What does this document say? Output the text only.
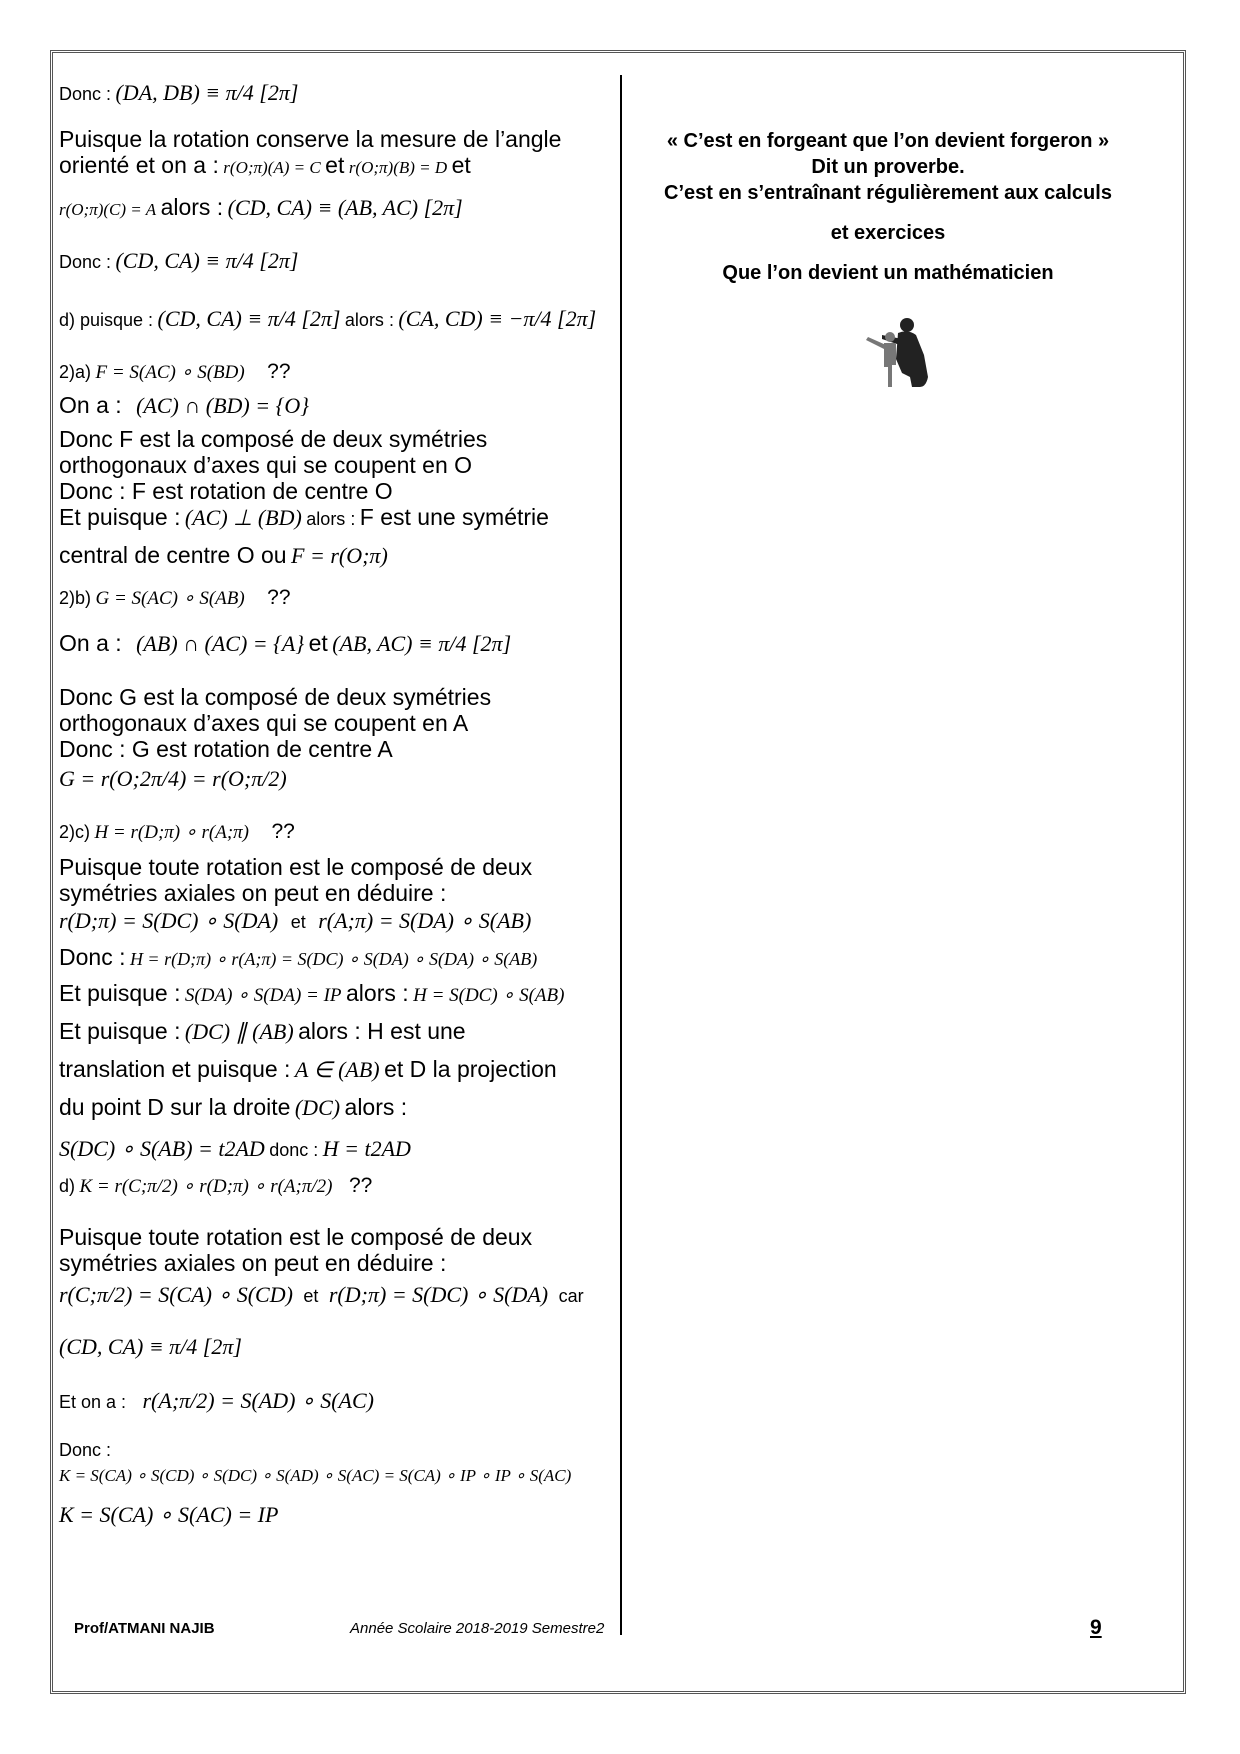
Donc : (DA, DB) ≡ π/4 [2π]
Puisque la rotation conserve la mesure de l’angle
orienté et on a : r(O;π)(A) = C et r(O;π)(B) = D et
r(O;π)(C) = A alors : (CD, CA) ≡ (AB, AC) [2π]
Donc : (CD, CA) ≡ π/4 [2π]
d) puisque : (CD, CA) ≡ π/4 [2π] alors : (CA, CD) ≡ −π/4 [2π]
2)a) F = S(AC) ∘ S(BD) ??
On a : (AC) ∩ (BD) = {O}
Donc F est la composé de deux symétries
orthogonaux d’axes qui se coupent en O
Donc : F est rotation de centre O
Et puisque : (AC) ⊥ (BD) alors : F est une symétrie
central de centre O ou F = r(O;π)
2)b) G = S(AC) ∘ S(AB) ??
On a : (AB) ∩ (AC) = {A} et (AB, AC) ≡ π/4 [2π]
Donc G est la composé de deux symétries
orthogonaux d’axes qui se coupent en A
Donc : G est rotation de centre A
G = r(O;2π/4) = r(O;π/2)
2)c) H = r(D;π) ∘ r(A;π) ??
Puisque toute rotation est le composé de deux
symétries axiales on peut en déduire :
r(D;π) = S(DC) ∘ S(DA) et r(A;π) = S(DA) ∘ S(AB)
Donc : H = r(D;π) ∘ r(A;π) = S(DC) ∘ S(DA) ∘ S(DA) ∘ S(AB)
Et puisque : S(DA) ∘ S(DA) = IP alors : H = S(DC) ∘ S(AB)
Et puisque : (DC) ∥ (AB) alors : H est une
translation et puisque : A ∈ (AB) et D la projection
du point D sur la droite (DC) alors :
S(DC) ∘ S(AB) = t2AD donc : H = t2AD
d) K = r(C;π/2) ∘ r(D;π) ∘ r(A;π/2) ??
Puisque toute rotation est le composé de deux
symétries axiales on peut en déduire :
r(C;π/2) = S(CA) ∘ S(CD) et r(D;π) = S(DC) ∘ S(DA) car
(CD, CA) ≡ π/4 [2π]
Et on a : r(A;π/2) = S(AD) ∘ S(AC)
Donc :
K = S(CA) ∘ S(CD) ∘ S(DC) ∘ S(AD) ∘ S(AC) = S(CA) ∘ IP ∘ IP ∘ S(AC)
K = S(CA) ∘ S(AC) = IP

« C’est en forgeant que l’on devient forgeron »

Dit un proverbe.

C’est en s’entraînant régulièrement aux calculs

et exercices

Que l’on devient un mathématicien

Prof/ATMANI NAJIB	Année Scolaire 2018-2019 Semestre2	9
